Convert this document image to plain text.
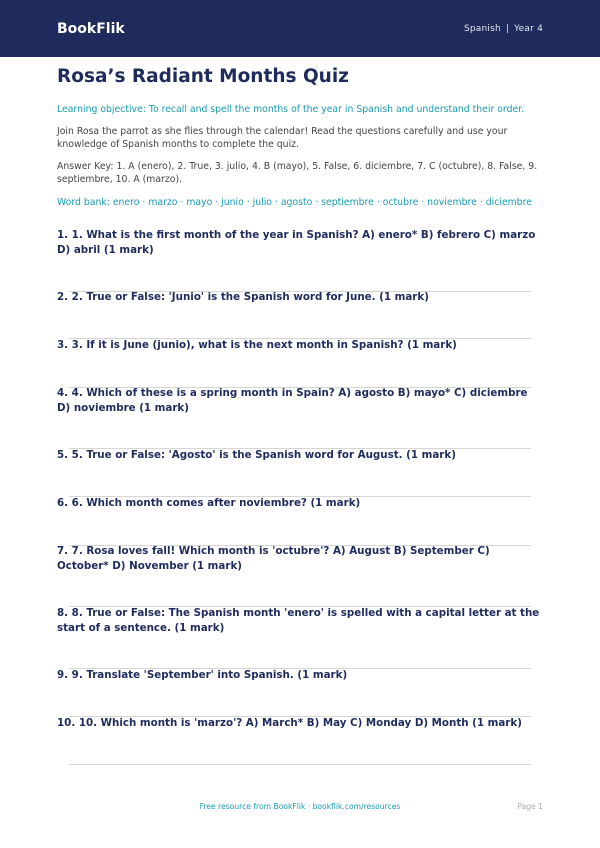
BookFlik	Spanish | Year 4
Rosa’s Radiant Months Quiz
Learning objective: To recall and spell the months of the year in Spanish and understand their order.
Join Rosa the parrot as she flies through the calendar! Read the questions carefully and use your knowledge of Spanish months to complete the quiz.
Answer Key: 1. A (enero), 2. True, 3. julio, 4. B (mayo), 5. False, 6. diciembre, 7. C (octubre), 8. False, 9. septiembre, 10. A (marzo).
Word bank: enero · marzo · mayo · junio · julio · agosto · septiembre · octubre · noviembre · diciembre
1. 1. What is the first month of the year in Spanish? A) enero* B) febrero C) marzo D) abril (1 mark)
2. 2. True or False: 'Junio' is the Spanish word for June. (1 mark)
3. 3. If it is June (junio), what is the next month in Spanish? (1 mark)
4. 4. Which of these is a spring month in Spain? A) agosto B) mayo* C) diciembre D) noviembre (1 mark)
5. 5. True or False: 'Agosto' is the Spanish word for August. (1 mark)
6. 6. Which month comes after noviembre? (1 mark)
7. 7. Rosa loves fall! Which month is 'octubre'? A) August B) September C) October* D) November (1 mark)
8. 8. True or False: The Spanish month 'enero' is spelled with a capital letter at the start of a sentence. (1 mark)
9. 9. Translate 'September' into Spanish. (1 mark)
10. 10. Which month is 'marzo'? A) March* B) May C) Monday D) Month (1 mark)
Free resource from BookFlik · bookflik.com/resources	Page 1
